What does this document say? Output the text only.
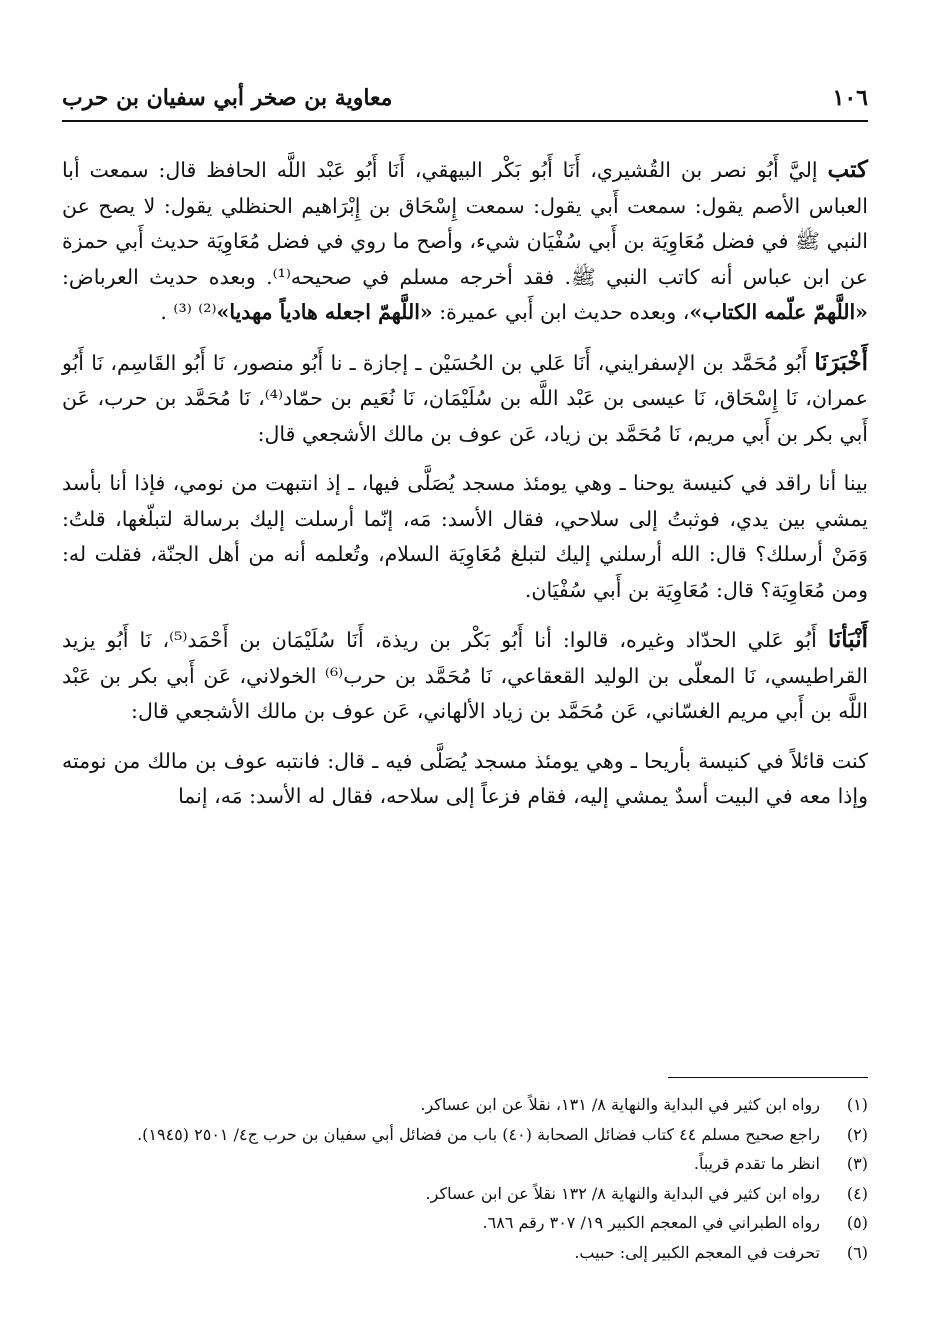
١٠٦
معاوية بن صخر أبي سفيان بن حرب

كتب إليَّ أَبُو نصر بن القُشيري، أَنَا أَبُو بَكْر البيهقي، أَنَا أَبُو عَبْد اللَّه الحافظ قال: سمعت أبا العباس الأصم يقول: سمعت أَبي يقول: سمعت إِسْحَاق بن إِبْرَاهيم الحنظلي يقول: لا يصح عن النبي ﷺ في فضل مُعَاوِيَة بن أَبي سُفْيَان شيء، وأصح ما روي في فضل مُعَاوِيَة حديث أَبي حمزة عن ابن عباس أنه كاتب النبي ﷺ. فقد أخرجه مسلم في صحيحه⁽¹⁾. وبعده حديث العرباض: «اللَّهمّ علّمه الكتاب»، وبعده حديث ابن أَبي عميرة: «اللَّهمّ اجعله هادياً مهديا»⁽²⁾ ⁽³⁾ .

أَخْبَرَنَا أَبُو مُحَمَّد بن الإسفرايني، أَنَا عَلي بن الحُسَيْن ـ إجازة ـ نا أَبُو منصور، نَا أَبُو القَاسِم، نَا أَبُو عمران، نَا إِسْحَاق، نَا عيسى بن عَبْد اللَّه بن سُلَيْمَان، نَا نُعَيم بن حمّاد⁽⁴⁾، نَا مُحَمَّد بن حرب، عَن أَبي بكر بن أَبي مريم، نَا مُحَمَّد بن زياد، عَن عوف بن مالك الأشجعي قال:

بينا أنا راقد في كنيسة يوحنا ـ وهي يومئذ مسجد يُصَلَّى فيها، ـ إذ انتبهت من نومي، فإذا أنا بأسد يمشي بين يدي، فوثبتُ إلى سلاحي، فقال الأسد: مَه، إنّما أرسلت إليك برسالة لتبلّغها، قلتُ: وَمَنْ أرسلك؟ قال: الله أرسلني إليك لتبلغ مُعَاوِيَة السلام، وتُعلمه أنه من أهل الجنّة، فقلت له: ومن مُعَاوِيَة؟ قال: مُعَاوِيَة بن أَبي سُفْيَان.

أَنْبَأنَا أَبُو عَلي الحدّاد وغيره، قالوا: أنا أَبُو بَكْر بن ريذة، أَنَا سُلَيْمَان بن أَحْمَد⁽⁵⁾، نَا أَبُو يزيد القراطيسي، نَا المعلّى بن الوليد القعقاعي، نَا مُحَمَّد بن حرب⁽⁶⁾ الخولاني، عَن أَبي بكر بن عَبْد اللَّه بن أَبي مريم الغسّاني، عَن مُحَمَّد بن زياد الألهاني، عَن عوف بن مالك الأشجعي قال:

كنت قائلاً في كنيسة بأريحا ـ وهي يومئذ مسجد يُصَلَّى فيه ـ قال: فانتبه عوف بن مالك من نومته وإذا معه في البيت أسدٌ يمشي إليه، فقام فزعاً إلى سلاحه، فقال له الأسد: مَه، إنما

(١)
رواه ابن كثير في البداية والنهاية ٨/ ١٣١، نقلاً عن ابن عساكر.
(٢)
راجع صحيح مسلم ٤٤ كتاب فضائل الصحابة (٤٠) باب من فضائل أبي سفيان بن حرب ج٤/ ٢٥٠١ (١٩٤٥).
(٣)
انظر ما تقدم قريباً.
(٤)
رواه ابن كثير في البداية والنهاية ٨/ ١٣٢ نقلاً عن ابن عساكر.
(٥)
رواه الطبراني في المعجم الكبير ١٩/ ٣٠٧ رقم ٦٨٦.
(٦)
تحرفت في المعجم الكبير إلى: حبيب.
